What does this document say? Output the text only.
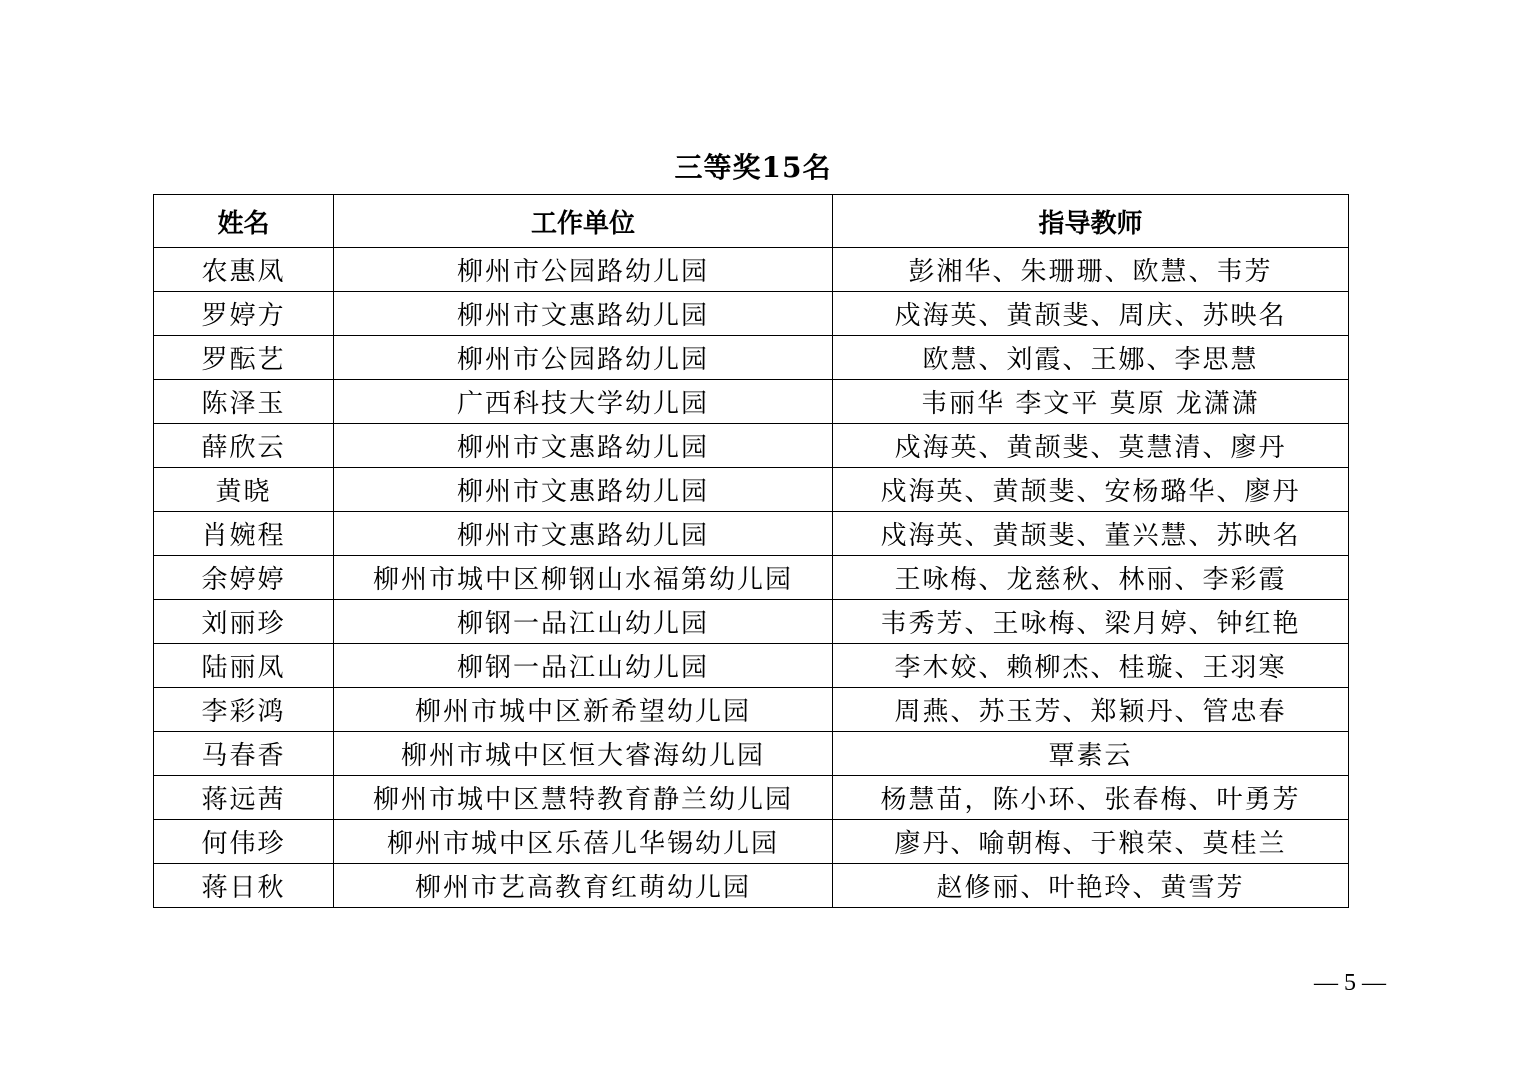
三等奖15名
姓名	工作单位	指导教师
农惠凤	柳州市公园路幼儿园	彭湘华、朱珊珊、欧慧、韦芳
罗婷方	柳州市文惠路幼儿园	戍海英、黄颉斐、周庆、苏映名
罗酝艺	柳州市公园路幼儿园	欧慧、刘霞、王娜、李思慧
陈泽玉	广西科技大学幼儿园	韦丽华 李文平 莫原 龙潇潇
薛欣云	柳州市文惠路幼儿园	戍海英、黄颉斐、莫慧清、廖丹
黄晓	柳州市文惠路幼儿园	戍海英、黄颉斐、安杨璐华、廖丹
肖婉程	柳州市文惠路幼儿园	戍海英、黄颉斐、董兴慧、苏映名
余婷婷	柳州市城中区柳钢山水福第幼儿园	王咏梅、龙慈秋、林丽、李彩霞
刘丽珍	柳钢一品江山幼儿园	韦秀芳、王咏梅、梁月婷、钟红艳
陆丽凤	柳钢一品江山幼儿园	李木姣、赖柳杰、桂璇、王羽寒
李彩鸿	柳州市城中区新希望幼儿园	周燕、苏玉芳、郑颖丹、管忠春
马春香	柳州市城中区恒大睿海幼儿园	覃素云
蒋远茜	柳州市城中区慧特教育静兰幼儿园	杨慧苗，陈小环、张春梅、叶勇芳
何伟珍	柳州市城中区乐蓓儿华锡幼儿园	廖丹、喻朝梅、于粮荣、莫桂兰
蒋日秋	柳州市艺高教育红萌幼儿园	赵修丽、叶艳玲、黄雪芳
— 5 —
